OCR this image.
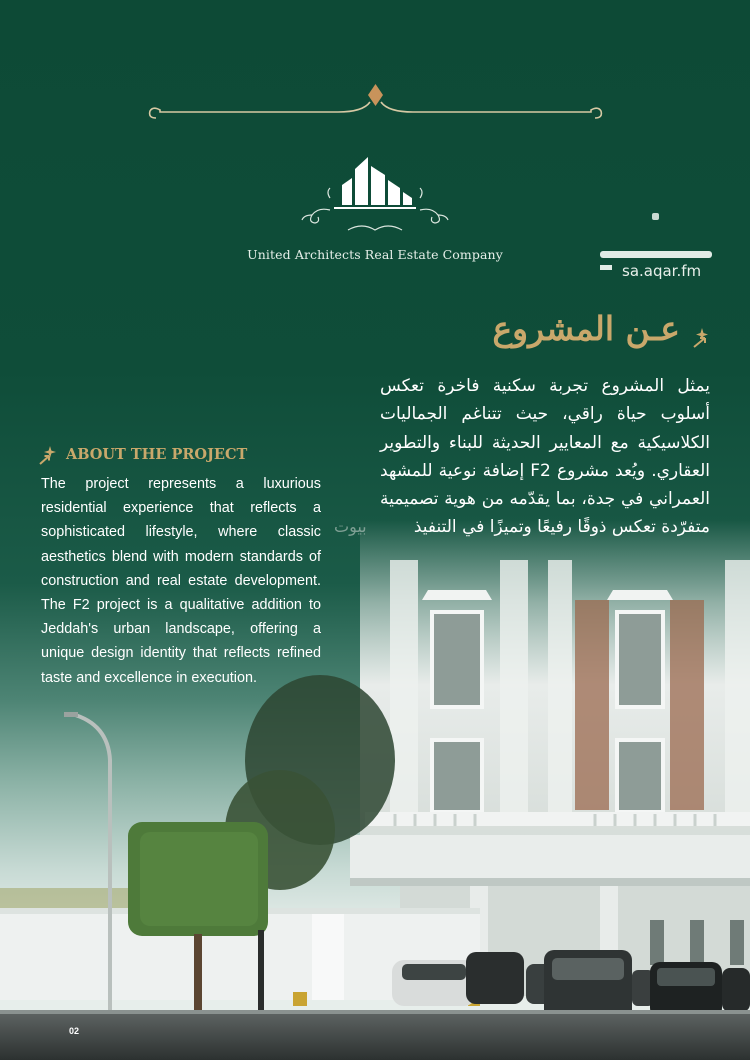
United Architects Real Estate Company
sa.aqar.fm
عـن المشروع

يمثل المشروع تجربة سكنية فاخرة تعكس أسلوب حياة راقي، حيث تتناغم الجماليات الكلاسيكية مع المعايير الحديثة للبناء والتطوير العقاري. ويُعد مشروع F2 إضافة نوعية للمشهد العمراني في جدة، بما يقدّمه من هوية تصميمية متفرّدة تعكس ذوقًا رفيعًا وتميزًا في التنفيذ

ABOUT THE PROJECT

The project represents a luxurious residential experience that reflects a sophisticated lifestyle, where classic aesthetics blend with modern standards of construction and real estate development. The F2 project is a qualitative addition to Jeddah's urban landscape, offering a unique design identity that reflects refined taste and excellence in execution.

بيوت
02
